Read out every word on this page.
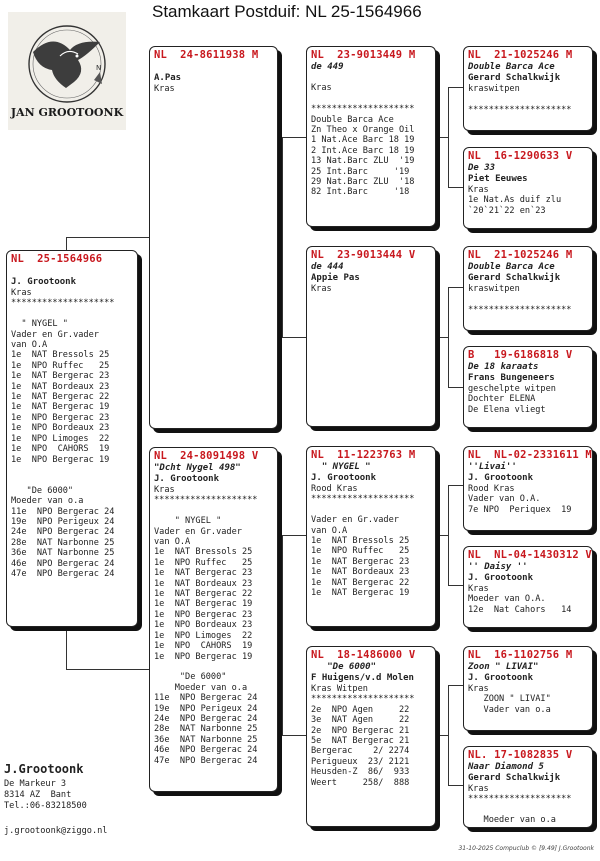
Stamkaart Postduif: NL 25-1564966
N
JAN GROOTOONK
NL  25-1564966
J. Grootoonk
Kras
********************

" NYGEL "
Vader en Gr.vader
van O.A
1e  NAT Bressols 25
1e  NPO Ruffec   25
1e  NAT Bergerac 23
1e  NAT Bordeaux 23
1e  NAT Bergerac 22
1e  NAT Bergerac 19
1e  NPO Bergerac 23
1e  NPO Bordeaux 23
1e  NPO Limoges  22
1e  NPO  CAHORS  19
1e  NPO Bergerac 19

"De 6000"
Moeder van o.a
11e  NPO Bergerac 24
19e  NPO Perigeux 24
24e  NPO Bergerac 24
28e  NAT Narbonne 25
36e  NAT Narbonne 25
46e  NPO Bergerac 24
47e  NPO Bergerac 24
NL  24-8611938 M
A.Pas
Kras
NL  24-8091498 V
"Dcht Nygel 498"
J. Grootoonk
Kras
********************

" NYGEL "
Vader en Gr.vader
van O.A
1e  NAT Bressols 25
1e  NPO Ruffec   25
1e  NAT Bergerac 23
1e  NAT Bordeaux 23
1e  NAT Bergerac 22
1e  NAT Bergerac 19
1e  NPO Bergerac 23
1e  NPO Bordeaux 23
1e  NPO Limoges  22
1e  NPO  CAHORS  19
1e  NPO Bergerac 19

"De 6000"
Moeder van o.a
11e  NPO Bergerac 24
19e  NPO Perigeux 24
24e  NPO Bergerac 24
28e  NAT Narbonne 25
36e  NAT Narbonne 25
46e  NPO Bergerac 24
47e  NPO Bergerac 24
NL  23-9013449 M
de 449

Kras

********************
Double Barca Ace
Zn Theo x Orange Oil
1 Nat.Ace Barc 18 19
2 Int.Ace Barc 18 19
13 Nat.Barc ZLU  '19
25 Int.Barc     '19
29 Nat.Barc ZLU  '18
82 Int.Barc     '18
NL  23-9013444 V
de 444
Appie Pas
Kras
NL  11-1223763 M
" NYGEL "
J. Grootoonk
Rood Kras
********************

Vader en Gr.vader
van O.A
1e  NAT Bressols 25
1e  NPO Ruffec   25
1e  NAT Bergerac 23
1e  NAT Bordeaux 23
1e  NAT Bergerac 22
1e  NAT Bergerac 19
NL  18-1486000 V
"De 6000"
F Huigens/v.d Molen
Kras Witpen
********************
2e  NPO Agen     22
3e  NAT Agen     22
2e  NPO Bergerac 21
5e  NAT Bergerac 21
Bergerac    2/ 2274
Perigueux  23/ 2121
Heusden-Z  86/  933
Weert     258/  888
NL  21-1025246 M
Double Barca Ace
Gerard Schalkwijk
kraswitpen

********************
NL  16-1290633 V
De 33
Piet Eeuwes
Kras
1e Nat.As duif zlu
`20`21`22 en`23
NL  21-1025246 M
Double Barca Ace
Gerard Schalkwijk
kraswitpen

********************
B   19-6186818 V
De 18 karaats
Frans Bungeneers
geschelpte witpen
Dochter ELENA
De Elena vliegt
NL  NL-02-2331611 M
''Livai''
J. Grootoonk
Rood Kras
Vader van O.A.
7e NPO  Periquex  19
NL  NL-04-1430312 V
'' Daisy ''
J. Grootoonk
Kras
Moeder van O.A.
12e  Nat Cahors   14
NL  16-1102756 M
Zoon " LIVAI"
J. Grootoonk
Kras
ZOON " LIVAI"
Vader van o.a
NL. 17-1082835 V
Naar Diamond 5
Gerard Schalkwijk
Kras
********************

Moeder van o.a
J.Grootoonk
De Markeur 3
8314 AZ  Bant
Tel.:06-83218500
j.grootoonk@ziggo.nl
31-10-2025 Compuclub © [9.49] J.Grootoonk
